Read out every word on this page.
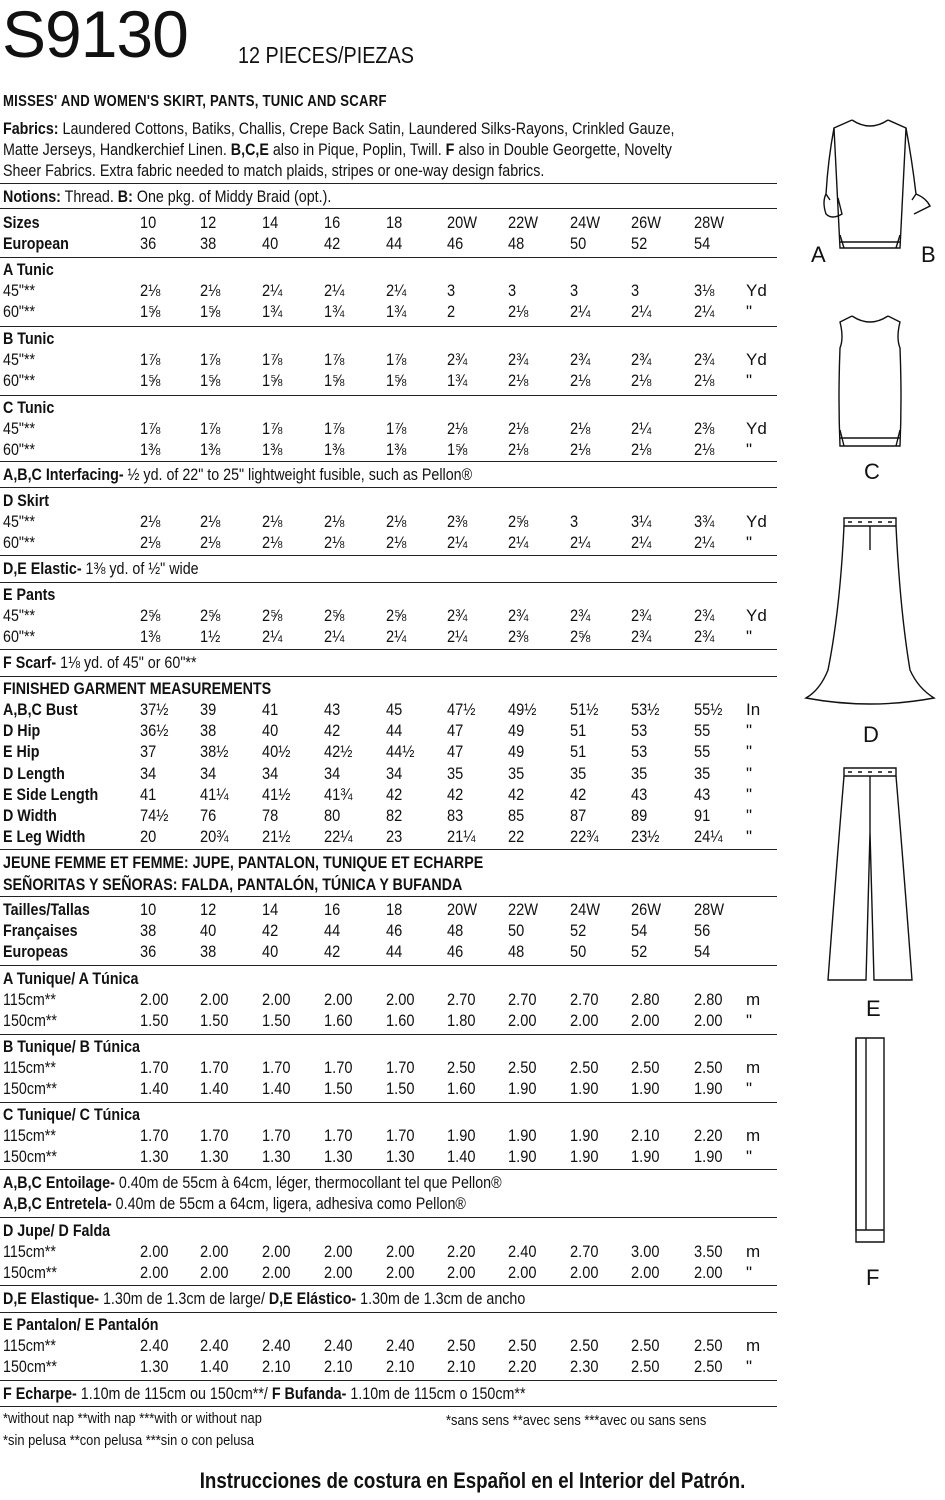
S9130 12 PIECES/PIEZAS
MISSES' AND WOMEN'S SKIRT, PANTS, TUNIC AND SCARF
Fabrics: Laundered Cottons, Batiks, Challis, Crepe Back Satin, Laundered Silks-Rayons, Crinkled Gauze,
Matte Jerseys, Handkerchief Linen. B,C,E also in Pique, Poplin, Twill. F also in Double Georgette, Novelty
Sheer Fabrics. Extra fabric needed to match plaids, stripes or one-way design fabrics.
Notions: Thread. B: One pkg. of Middy Braid (opt.).
Sizes	10	12	14	16	18	20W 22W 24W 26W 28W
European	36	38	40	42	44	46	48	50	52	54
A Tunic
45"**	2⅛ 2⅛ 2¼ 2¼ 2¼ 3	3	3	3	3⅛ Yd
60"**	1⅝ 1⅝ 1¾ 1¾ 1¾ 2	2⅛ 2¼ 2¼	2¼ "
B Tunic
45"**	1⅞ 1⅞ 1⅞ 1⅞ 1⅞ 2¾ 2¾ 2¾ 2¾	2¾ Yd
60"**	1⅝ 1⅝ 1⅝ 1⅝ 1⅝ 1¾ 2⅛ 2⅛ 2⅛	2⅛ "
C Tunic
45"**	1⅞ 1⅞ 1⅞ 1⅞ 1⅞ 2⅛ 2⅛ 2⅛ 2¼	2⅜ Yd
60"**	1⅜ 1⅜ 1⅜ 1⅜ 1⅜ 1⅝ 2⅛ 2⅛ 2⅛	2⅛ "
A,B,C Interfacing- ½ yd. of 22" to 25" lightweight fusible, such as Pellon®
D Skirt
45"**	2⅛ 2⅛ 2⅛ 2⅛ 2⅛ 2⅜ 2⅝ 3	3¼	3¾ Yd
60"**	2⅛ 2⅛ 2⅛ 2⅛ 2⅛ 2¼ 2¼ 2¼ 2¼	2¼ "
D,E Elastic- 1⅜ yd. of ½" wide
E Pants
45"**	2⅝ 2⅝ 2⅝ 2⅝ 2⅝ 2¾ 2¾ 2¾ 2¾	2¾ Yd
60"**	1⅜ 1½ 2¼ 2¼ 2¼ 2¼ 2⅜ 2⅝ 2¾	2¾ "
F Scarf- 1⅛ yd. of 45" or 60"**
FINISHED GARMENT MEASUREMENTS
A,B,C Bust	37½ 39	41	43	45	47½ 49½ 51½ 53½ 55½ In
D Hip	36½ 38	40	42	44	47	49	51	53	55 "
E Hip	37	38½ 40½ 42½ 44½ 47	49	51	53	55 "
D Length	34	34	34	34	34	35	35	35	35	35 "
E Side Length 41	41¼ 41½ 41¾ 42	42	42	42	43	43 "
D Width	74½ 76	78	80	82	83	85	87	89	91 "
E Leg Width	20	20¾ 21½ 22¼ 23	21¼ 22	22¾ 23½ 24¼ "
JEUNE FEMME ET FEMME: JUPE, PANTALON, TUNIQUE ET ECHARPE
SEÑORITAS Y SEÑORAS: FALDA, PANTALÓN, TÚNICA Y BUFANDA
Tailles/Tallas	10	12	14	16	18	20W 22W 24W 26W 28W
Françaises	38	40	42	44	46	48	50	52	54	56
Europeas	36	38	40	42	44	46	48	50	52	54
A Tunique/ A Túnica
115cm**	2.00 2.00 2.00 2.00 2.00 2.70 2.70 2.70 2.80 2.80 m
150cm**	1.50 1.50 1.50 1.60 1.60 1.80 2.00 2.00 2.00 2.00 "
B Tunique/ B Túnica
115cm**	1.70 1.70 1.70 1.70 1.70 2.50 2.50 2.50 2.50 2.50 m
150cm**	1.40 1.40 1.40 1.50 1.50 1.60 1.90 1.90 1.90 1.90 "
C Tunique/ C Túnica
115cm**	1.70 1.70 1.70 1.70 1.70 1.90 1.90 1.90 2.10 2.20 m
150cm**	1.30 1.30 1.30 1.30 1.30 1.40 1.90 1.90 1.90 1.90 "
A,B,C Entoilage- 0.40m de 55cm à 64cm, léger, thermocollant tel que Pellon®
A,B,C Entretela- 0.40m de 55cm a 64cm, ligera, adhesiva como Pellon®
D Jupe/ D Falda
115cm**	2.00 2.00 2.00 2.00 2.00 2.20 2.40 2.70 3.00 3.50 m
150cm**	2.00 2.00 2.00 2.00 2.00 2.00 2.00 2.00 2.00 2.00 "
D,E Elastique- 1.30m de 1.3cm de large/ D,E Elástico- 1.30m de 1.3cm de ancho
E Pantalon/ E Pantalón
115cm**	2.40 2.40 2.40 2.40 2.40 2.50 2.50 2.50 2.50 2.50 m
150cm**	1.30 1.40 2.10 2.10 2.10 2.10 2.20 2.30 2.50 2.50 "
F Echarpe- 1.10m de 115cm ou 150cm**/ F Bufanda- 1.10m de 115cm o 150cm**
*without nap **with nap ***with or without nap
*sin pelusa **con pelusa ***sin o con pelusa
*sans sens **avec sens ***avec ou sans sens
Instrucciones de costura en Español en el Interior del Patrón.
A	B
C
D
E
F
